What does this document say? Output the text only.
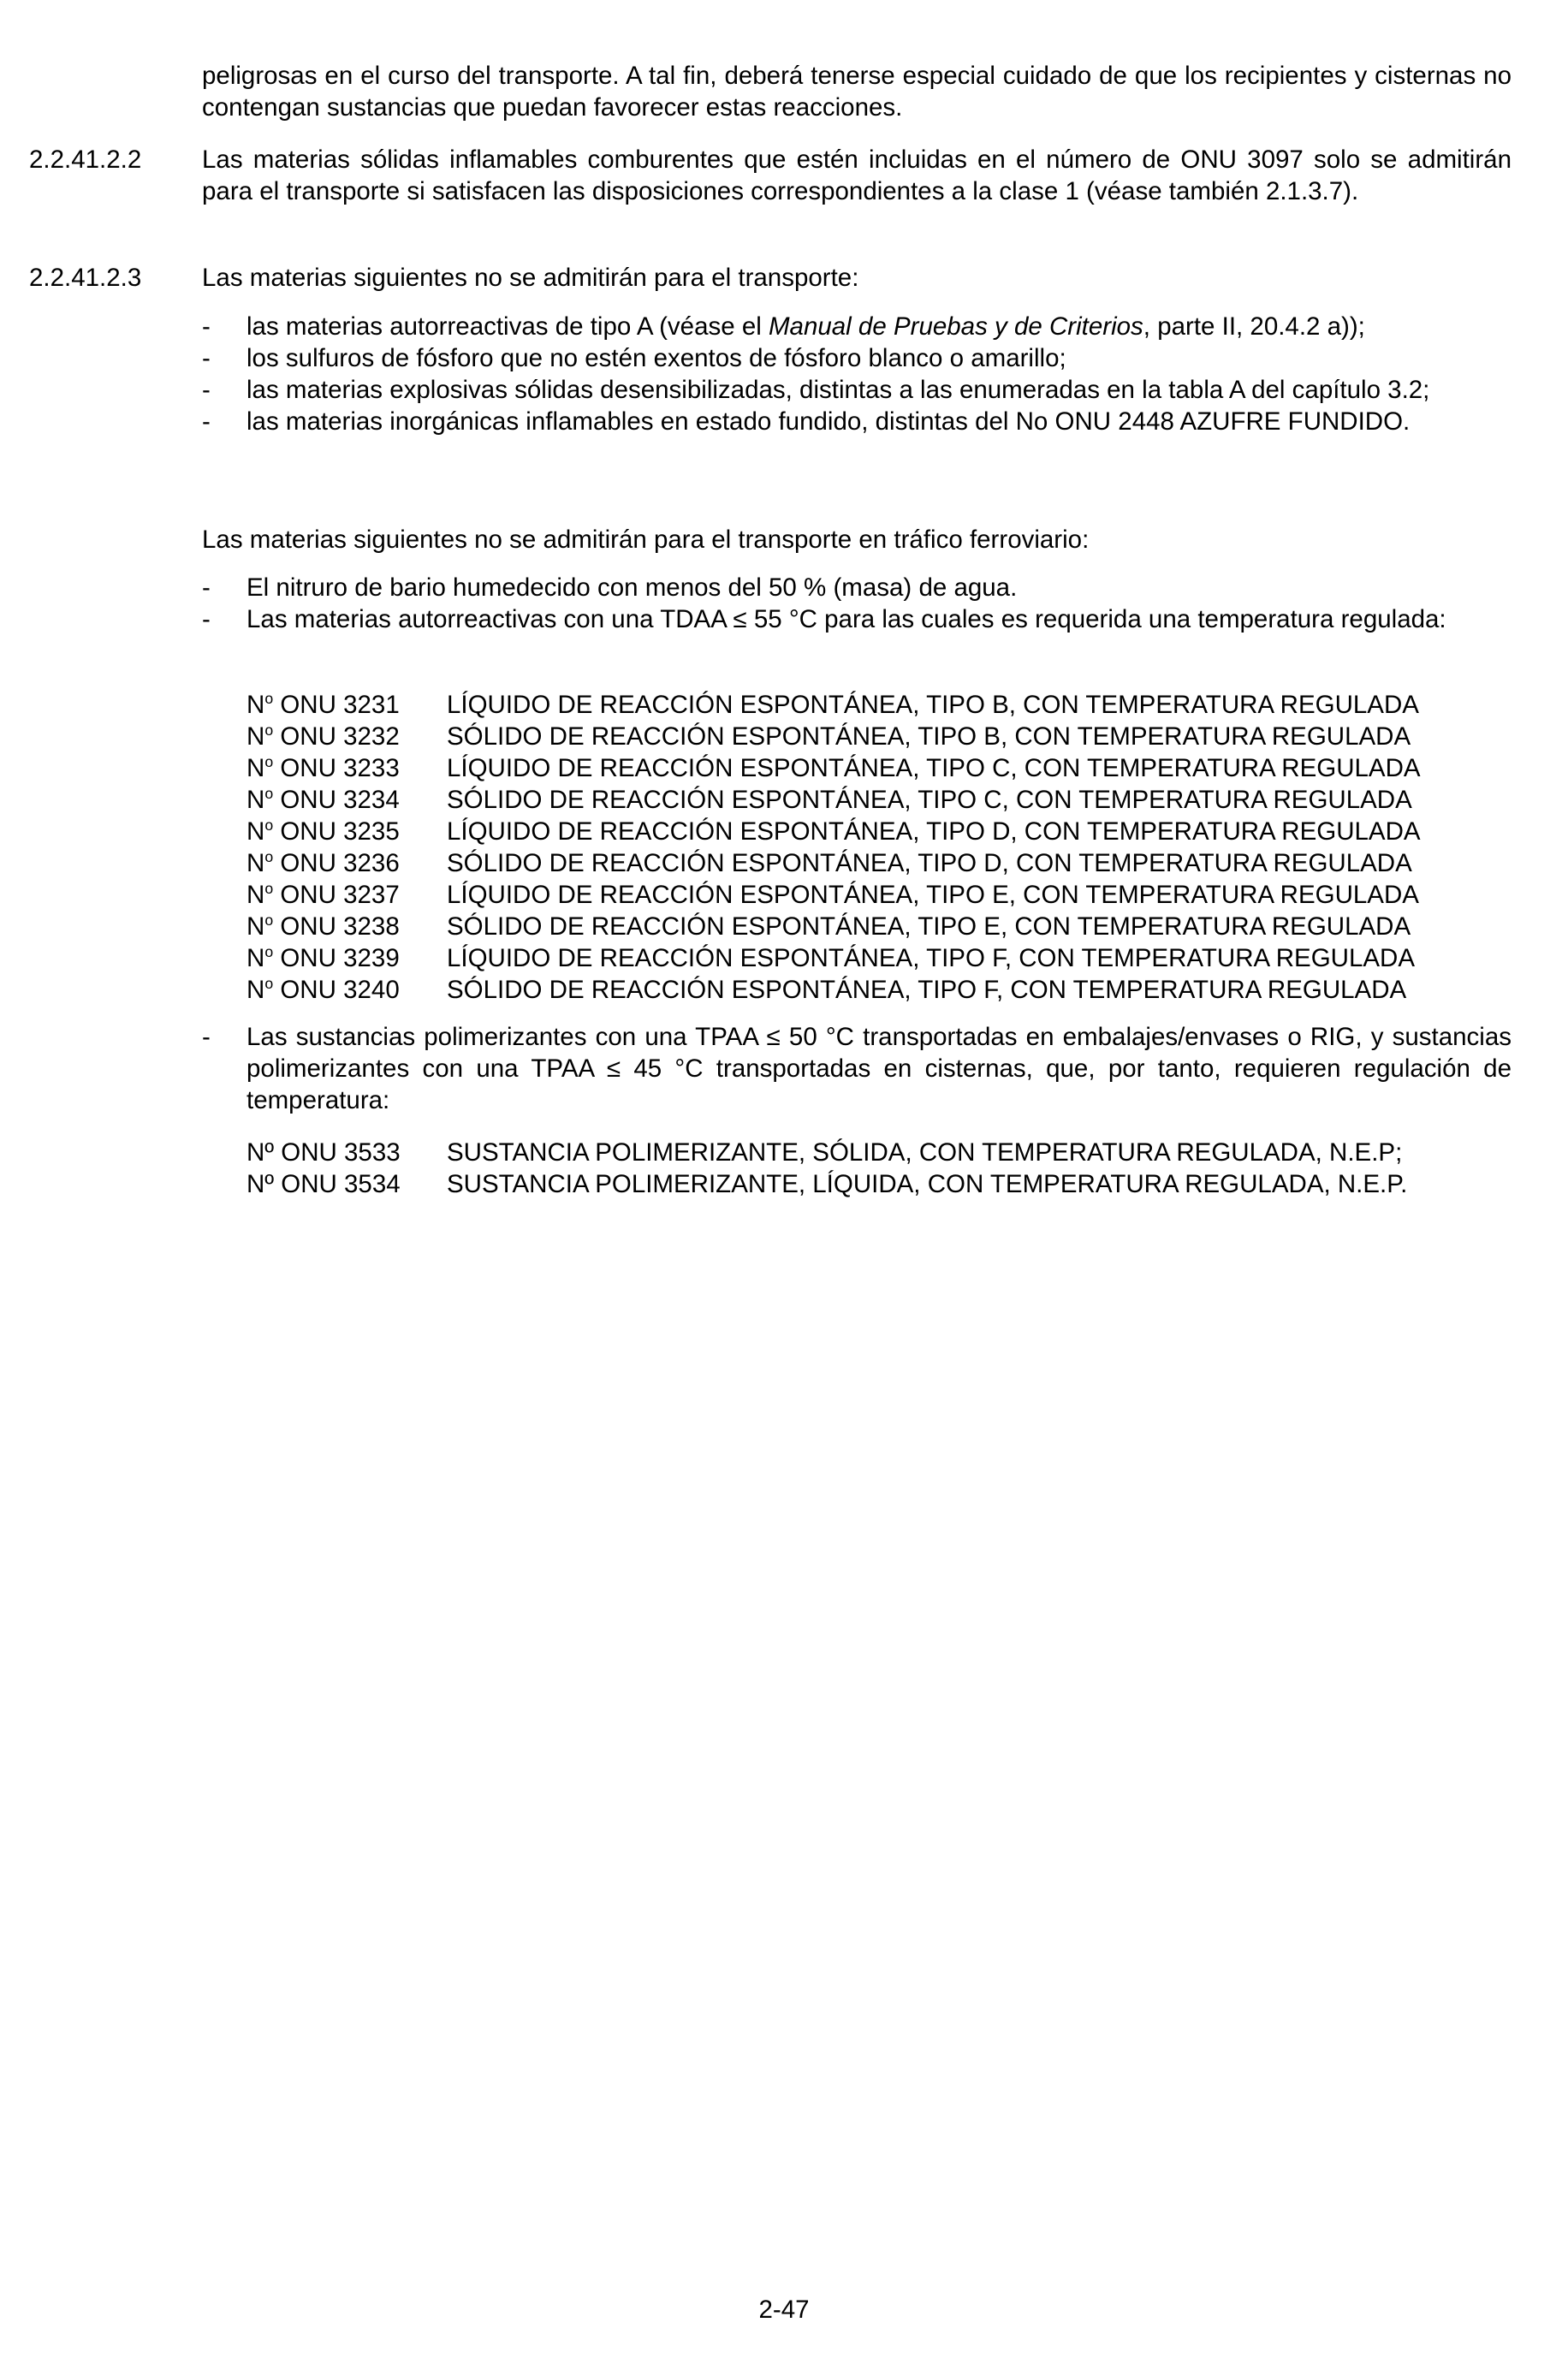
peligrosas en el curso del transporte. A tal fin, deberá tenerse especial cuidado de que los recipientes y cisternas no contengan sustancias que puedan favorecer estas reacciones.

2.2.41.2.2 Las materias sólidas inflamables comburentes que estén incluidas en el número de ONU 3097 solo se admitirán para el transporte si satisfacen las disposiciones correspondientes a la clase 1 (véase también 2.1.3.7).

2.2.41.2.3 Las materias siguientes no se admitirán para el transporte:

- las materias autorreactivas de tipo A (véase el Manual de Pruebas y de Criterios, parte II, 20.4.2 a));

- los sulfuros de fósforo que no estén exentos de fósforo blanco o amarillo;

- las materias explosivas sólidas desensibilizadas, distintas a las enumeradas en la tabla A del capítulo 3.2;

- las materias inorgánicas inflamables en estado fundido, distintas del No ONU 2448 AZUFRE FUNDIDO.

Las materias siguientes no se admitirán para el transporte en tráfico ferroviario:

- El nitruro de bario humedecido con menos del 50 % (masa) de agua.

- Las materias autorreactivas con una TDAA ≤ 55 °C para las cuales es requerida una temperatura regulada:

$N^o$ ONU 3231	LÍQUIDO DE REACCIÓN ESPONTÁNEA, TIPO B, CON TEMPERATURA REGULADA
$N^o$ ONU 3232	SÓLIDO DE REACCIÓN ESPONTÁNEA, TIPO B, CON TEMPERATURA REGULADA
$N^o$ ONU 3233	LÍQUIDO DE REACCIÓN ESPONTÁNEA, TIPO C, CON TEMPERATURA REGULADA
$N^o$ ONU 3234	SÓLIDO DE REACCIÓN ESPONTÁNEA, TIPO C, CON TEMPERATURA REGULADA
$N^o$ ONU 3235	LÍQUIDO DE REACCIÓN ESPONTÁNEA, TIPO D, CON TEMPERATURA REGULADA
$N^o$ ONU 3236	SÓLIDO DE REACCIÓN ESPONTÁNEA, TIPO D, CON TEMPERATURA REGULADA
$N^o$ ONU 3237	LÍQUIDO DE REACCIÓN ESPONTÁNEA, TIPO E, CON TEMPERATURA REGULADA
$N^o$ ONU 3238	SÓLIDO DE REACCIÓN ESPONTÁNEA, TIPO E, CON TEMPERATURA REGULADA
$N^o$ ONU 3239	LÍQUIDO DE REACCIÓN ESPONTÁNEA, TIPO F, CON TEMPERATURA REGULADA
$N^o$ ONU 3240	SÓLIDO DE REACCIÓN ESPONTÁNEA, TIPO F, CON TEMPERATURA REGULADA
- Las sustancias polimerizantes con una TPAA ≤ 50 °C transportadas en embalajes/envases o RIG, y sustancias polimerizantes con una TPAA ≤ 45 °C transportadas en cisternas, que, por tanto, requieren regulación de temperatura:

Nº ONU 3533	SUSTANCIA POLIMERIZANTE, SÓLIDA, CON TEMPERATURA REGULADA, N.E.P;
Nº ONU 3534	SUSTANCIA POLIMERIZANTE, LÍQUIDA, CON TEMPERATURA REGULADA, N.E.P.
2-47
